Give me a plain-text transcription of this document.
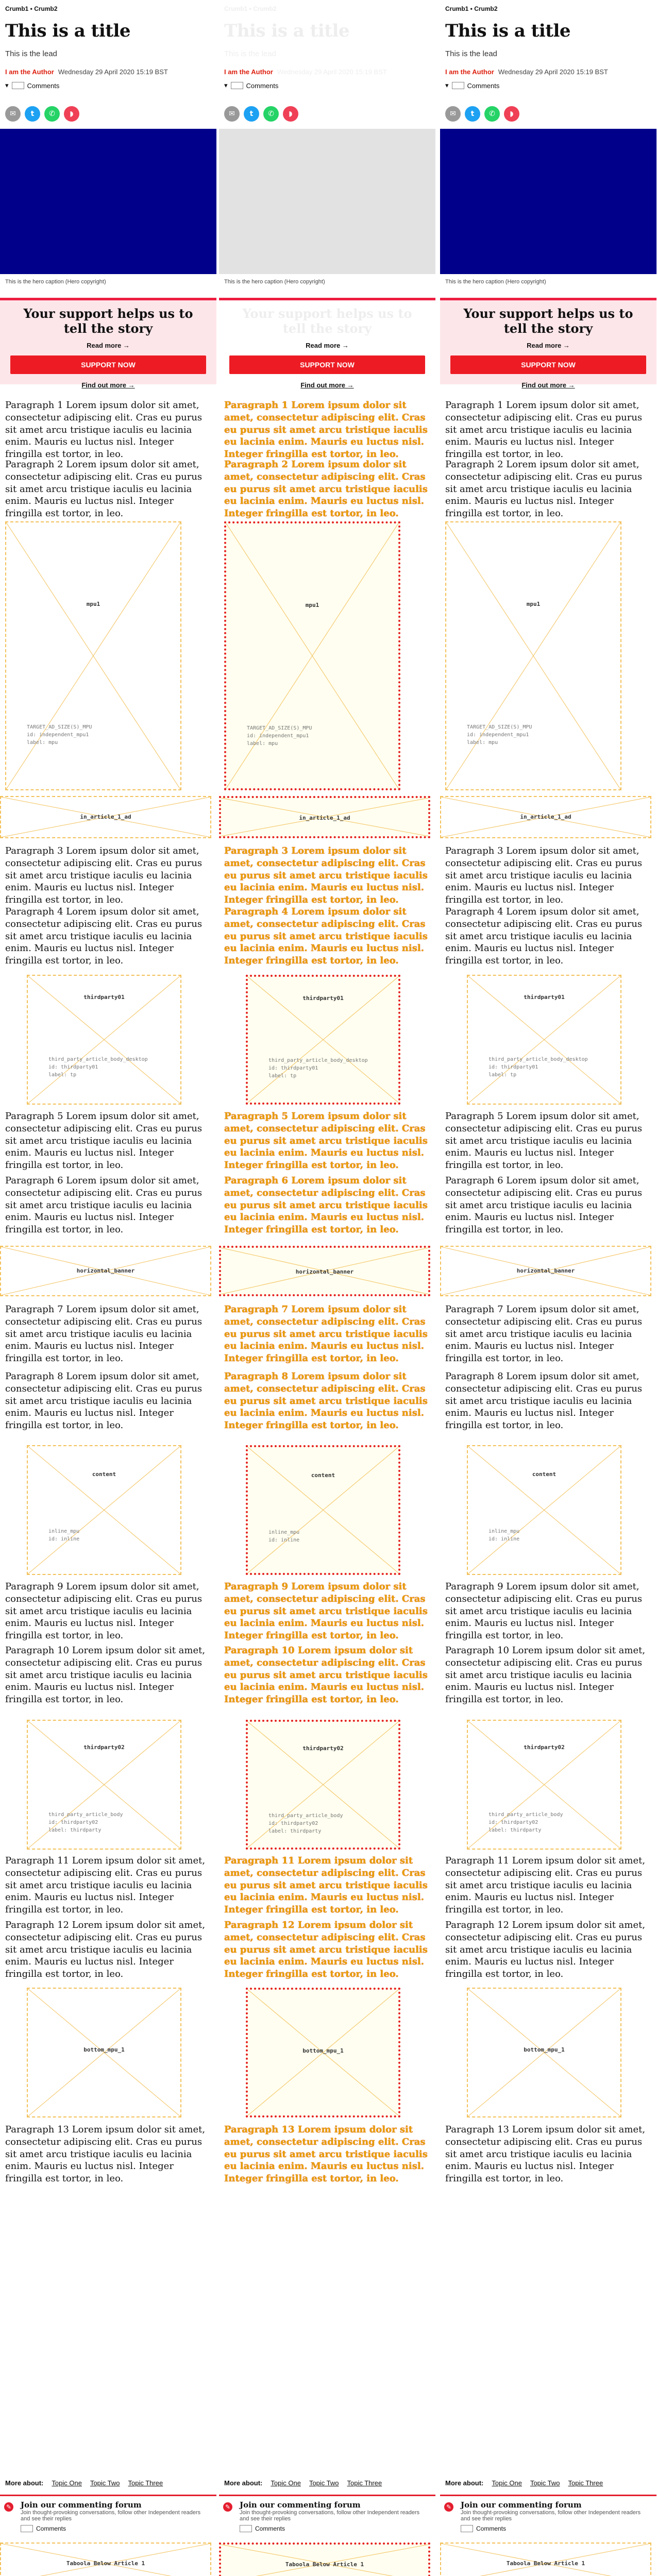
Crumb1 • Crumb2
This is a title
This is the lead
I am the Author Wednesday 29 April 2020 15:19 BST
▾	Comments
✉	t	✆	◗
This is the hero caption (Hero copyright)
Your support helps us to tell the story
Read more →
SUPPORT NOW
Find out more →

Paragraph 1 Lorem ipsum dolor sit amet, consectetur adipiscing elit. Cras eu purus sit amet arcu tristique iaculis eu lacinia enim. Mauris eu luctus nisl. Integer fringilla est tortor, in leo.

Paragraph 2 Lorem ipsum dolor sit amet, consectetur adipiscing elit. Cras eu purus sit amet arcu tristique iaculis eu lacinia enim. Mauris eu luctus nisl. Integer fringilla est tortor, in leo.

mpu1
TARGET_AD_SIZE(S)_MPU
id: independent_mpu1
label: mpu
in_article_1_ad

Paragraph 3 Lorem ipsum dolor sit amet, consectetur adipiscing elit. Cras eu purus sit amet arcu tristique iaculis eu lacinia enim. Mauris eu luctus nisl. Integer fringilla est tortor, in leo.

Paragraph 4 Lorem ipsum dolor sit amet, consectetur adipiscing elit. Cras eu purus sit amet arcu tristique iaculis eu lacinia enim. Mauris eu luctus nisl. Integer fringilla est tortor, in leo.

thirdparty01
third_party_article_body_desktop
id: thirdparty01
label: tp

Paragraph 5 Lorem ipsum dolor sit amet, consectetur adipiscing elit. Cras eu purus sit amet arcu tristique iaculis eu lacinia enim. Mauris eu luctus nisl. Integer fringilla est tortor, in leo.

Paragraph 6 Lorem ipsum dolor sit amet, consectetur adipiscing elit. Cras eu purus sit amet arcu tristique iaculis eu lacinia enim. Mauris eu luctus nisl. Integer fringilla est tortor, in leo.

horizontal_banner

Paragraph 7 Lorem ipsum dolor sit amet, consectetur adipiscing elit. Cras eu purus sit amet arcu tristique iaculis eu lacinia enim. Mauris eu luctus nisl. Integer fringilla est tortor, in leo.

Paragraph 8 Lorem ipsum dolor sit amet, consectetur adipiscing elit. Cras eu purus sit amet arcu tristique iaculis eu lacinia enim. Mauris eu luctus nisl. Integer fringilla est tortor, in leo.

content
inline_mpu
id: inline

Paragraph 9 Lorem ipsum dolor sit amet, consectetur adipiscing elit. Cras eu purus sit amet arcu tristique iaculis eu lacinia enim. Mauris eu luctus nisl. Integer fringilla est tortor, in leo.

Paragraph 10 Lorem ipsum dolor sit amet, consectetur adipiscing elit. Cras eu purus sit amet arcu tristique iaculis eu lacinia enim. Mauris eu luctus nisl. Integer fringilla est tortor, in leo.

thirdparty02
third_party_article_body
id: thirdparty02
label: thirdparty

Paragraph 11 Lorem ipsum dolor sit amet, consectetur adipiscing elit. Cras eu purus sit amet arcu tristique iaculis eu lacinia enim. Mauris eu luctus nisl. Integer fringilla est tortor, in leo.

Paragraph 12 Lorem ipsum dolor sit amet, consectetur adipiscing elit. Cras eu purus sit amet arcu tristique iaculis eu lacinia enim. Mauris eu luctus nisl. Integer fringilla est tortor, in leo.

bottom_mpu_1

Paragraph 13 Lorem ipsum dolor sit amet, consectetur adipiscing elit. Cras eu purus sit amet arcu tristique iaculis eu lacinia enim. Mauris eu luctus nisl. Integer fringilla est tortor, in leo.

More about: Topic One Topic Two Topic Three
✎ Join our commenting forum

Join thought-provoking conversations, follow other Independent readers and see their replies

Comments
Taboola Below Article 1
Crumb1 • Crumb2
This is a title
This is the lead
I am the Author Wednesday 29 April 2020 15:19 BST
▾	Comments
✉	t	✆	◗
This is the hero caption (Hero copyright)
Your support helps us to tell the story
Read more →
SUPPORT NOW
Find out more →

Paragraph 1 Lorem ipsum dolor sit amet, consectetur adipiscing elit. Cras eu purus sit amet arcu tristique iaculis eu lacinia enim. Mauris eu luctus nisl. Integer fringilla est tortor, in leo.

Paragraph 2 Lorem ipsum dolor sit amet, consectetur adipiscing elit. Cras eu purus sit amet arcu tristique iaculis eu lacinia enim. Mauris eu luctus nisl. Integer fringilla est tortor, in leo.

mpu1
TARGET_AD_SIZE(S)_MPU
id: independent_mpu1
label: mpu
in_article_1_ad

Paragraph 3 Lorem ipsum dolor sit amet, consectetur adipiscing elit. Cras eu purus sit amet arcu tristique iaculis eu lacinia enim. Mauris eu luctus nisl. Integer fringilla est tortor, in leo.

Paragraph 4 Lorem ipsum dolor sit amet, consectetur adipiscing elit. Cras eu purus sit amet arcu tristique iaculis eu lacinia enim. Mauris eu luctus nisl. Integer fringilla est tortor, in leo.

thirdparty01
third_party_article_body_desktop
id: thirdparty01
label: tp

Paragraph 5 Lorem ipsum dolor sit amet, consectetur adipiscing elit. Cras eu purus sit amet arcu tristique iaculis eu lacinia enim. Mauris eu luctus nisl. Integer fringilla est tortor, in leo.

Paragraph 6 Lorem ipsum dolor sit amet, consectetur adipiscing elit. Cras eu purus sit amet arcu tristique iaculis eu lacinia enim. Mauris eu luctus nisl. Integer fringilla est tortor, in leo.

horizontal_banner

Paragraph 7 Lorem ipsum dolor sit amet, consectetur adipiscing elit. Cras eu purus sit amet arcu tristique iaculis eu lacinia enim. Mauris eu luctus nisl. Integer fringilla est tortor, in leo.

Paragraph 8 Lorem ipsum dolor sit amet, consectetur adipiscing elit. Cras eu purus sit amet arcu tristique iaculis eu lacinia enim. Mauris eu luctus nisl. Integer fringilla est tortor, in leo.

content
inline_mpu
id: inline

Paragraph 9 Lorem ipsum dolor sit amet, consectetur adipiscing elit. Cras eu purus sit amet arcu tristique iaculis eu lacinia enim. Mauris eu luctus nisl. Integer fringilla est tortor, in leo.

Paragraph 10 Lorem ipsum dolor sit amet, consectetur adipiscing elit. Cras eu purus sit amet arcu tristique iaculis eu lacinia enim. Mauris eu luctus nisl. Integer fringilla est tortor, in leo.

thirdparty02
third_party_article_body
id: thirdparty02
label: thirdparty

Paragraph 11 Lorem ipsum dolor sit amet, consectetur adipiscing elit. Cras eu purus sit amet arcu tristique iaculis eu lacinia enim. Mauris eu luctus nisl. Integer fringilla est tortor, in leo.

Paragraph 12 Lorem ipsum dolor sit amet, consectetur adipiscing elit. Cras eu purus sit amet arcu tristique iaculis eu lacinia enim. Mauris eu luctus nisl. Integer fringilla est tortor, in leo.

bottom_mpu_1

Paragraph 13 Lorem ipsum dolor sit amet, consectetur adipiscing elit. Cras eu purus sit amet arcu tristique iaculis eu lacinia enim. Mauris eu luctus nisl. Integer fringilla est tortor, in leo.

More about: Topic One Topic Two Topic Three
✎ Join our commenting forum

Join thought-provoking conversations, follow other Independent readers and see their replies

Comments
Taboola Below Article 1
Crumb1 • Crumb2
This is a title
This is the lead
I am the Author Wednesday 29 April 2020 15:19 BST
▾	Comments
✉	t	✆	◗
This is the hero caption (Hero copyright)
Your support helps us to tell the story
Read more →
SUPPORT NOW
Find out more →

Paragraph 1 Lorem ipsum dolor sit amet, consectetur adipiscing elit. Cras eu purus sit amet arcu tristique iaculis eu lacinia enim. Mauris eu luctus nisl. Integer fringilla est tortor, in leo.

Paragraph 2 Lorem ipsum dolor sit amet, consectetur adipiscing elit. Cras eu purus sit amet arcu tristique iaculis eu lacinia enim. Mauris eu luctus nisl. Integer fringilla est tortor, in leo.

mpu1
TARGET_AD_SIZE(S)_MPU
id: independent_mpu1
label: mpu
in_article_1_ad

Paragraph 3 Lorem ipsum dolor sit amet, consectetur adipiscing elit. Cras eu purus sit amet arcu tristique iaculis eu lacinia enim. Mauris eu luctus nisl. Integer fringilla est tortor, in leo.

Paragraph 4 Lorem ipsum dolor sit amet, consectetur adipiscing elit. Cras eu purus sit amet arcu tristique iaculis eu lacinia enim. Mauris eu luctus nisl. Integer fringilla est tortor, in leo.

thirdparty01
third_party_article_body_desktop
id: thirdparty01
label: tp

Paragraph 5 Lorem ipsum dolor sit amet, consectetur adipiscing elit. Cras eu purus sit amet arcu tristique iaculis eu lacinia enim. Mauris eu luctus nisl. Integer fringilla est tortor, in leo.

Paragraph 6 Lorem ipsum dolor sit amet, consectetur adipiscing elit. Cras eu purus sit amet arcu tristique iaculis eu lacinia enim. Mauris eu luctus nisl. Integer fringilla est tortor, in leo.

horizontal_banner

Paragraph 7 Lorem ipsum dolor sit amet, consectetur adipiscing elit. Cras eu purus sit amet arcu tristique iaculis eu lacinia enim. Mauris eu luctus nisl. Integer fringilla est tortor, in leo.

Paragraph 8 Lorem ipsum dolor sit amet, consectetur adipiscing elit. Cras eu purus sit amet arcu tristique iaculis eu lacinia enim. Mauris eu luctus nisl. Integer fringilla est tortor, in leo.

content
inline_mpu
id: inline

Paragraph 9 Lorem ipsum dolor sit amet, consectetur adipiscing elit. Cras eu purus sit amet arcu tristique iaculis eu lacinia enim. Mauris eu luctus nisl. Integer fringilla est tortor, in leo.

Paragraph 10 Lorem ipsum dolor sit amet, consectetur adipiscing elit. Cras eu purus sit amet arcu tristique iaculis eu lacinia enim. Mauris eu luctus nisl. Integer fringilla est tortor, in leo.

thirdparty02
third_party_article_body
id: thirdparty02
label: thirdparty

Paragraph 11 Lorem ipsum dolor sit amet, consectetur adipiscing elit. Cras eu purus sit amet arcu tristique iaculis eu lacinia enim. Mauris eu luctus nisl. Integer fringilla est tortor, in leo.

Paragraph 12 Lorem ipsum dolor sit amet, consectetur adipiscing elit. Cras eu purus sit amet arcu tristique iaculis eu lacinia enim. Mauris eu luctus nisl. Integer fringilla est tortor, in leo.

bottom_mpu_1

Paragraph 13 Lorem ipsum dolor sit amet, consectetur adipiscing elit. Cras eu purus sit amet arcu tristique iaculis eu lacinia enim. Mauris eu luctus nisl. Integer fringilla est tortor, in leo.

More about: Topic One Topic Two Topic Three
✎ Join our commenting forum

Join thought-provoking conversations, follow other Independent readers and see their replies

Comments
Taboola Below Article 1
